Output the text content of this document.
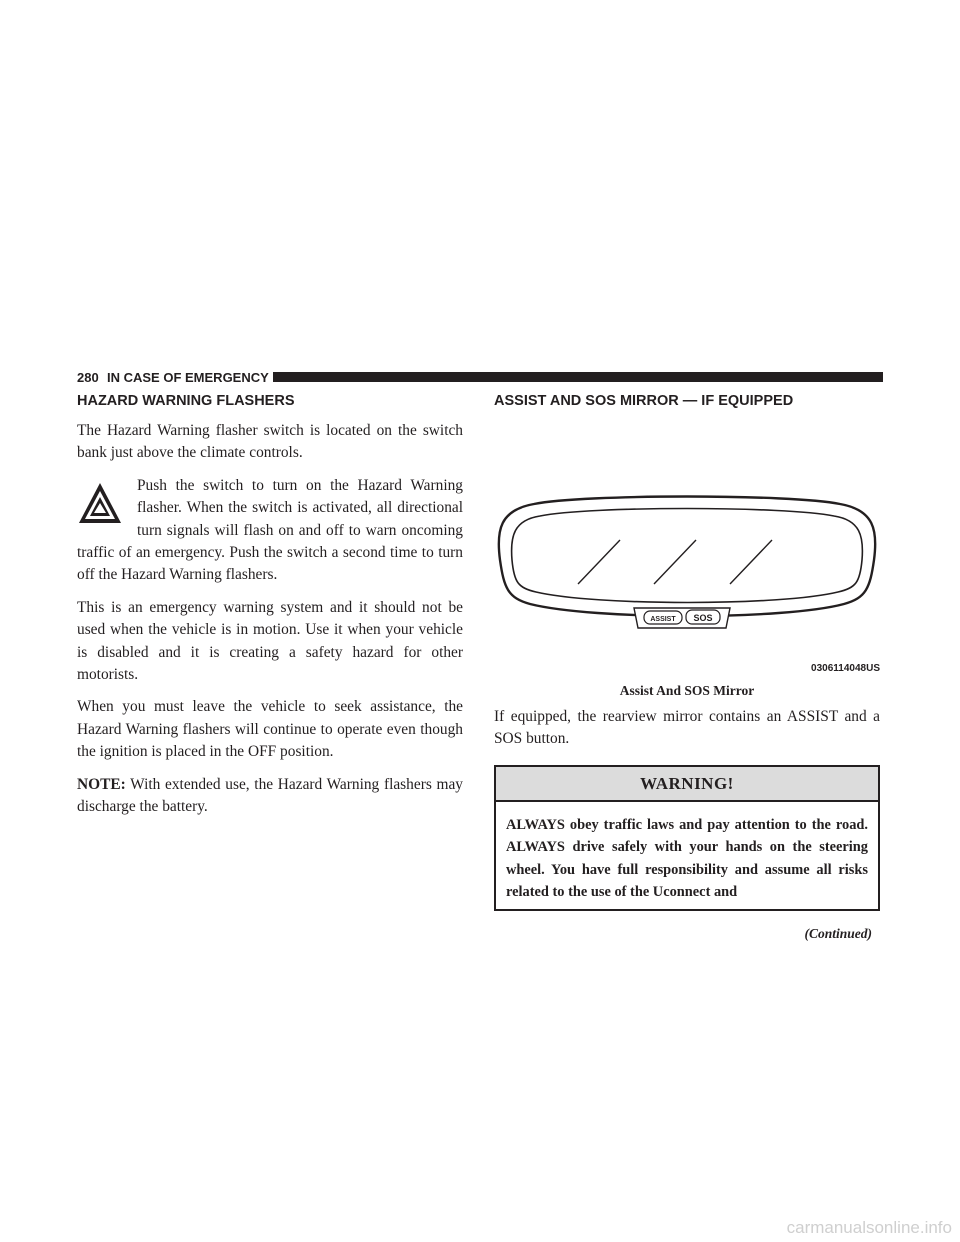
280 IN CASE OF EMERGENCY
HAZARD WARNING FLASHERS

The Hazard Warning flasher switch is located on the switch bank just above the climate controls.

Push the switch to turn on the Hazard Warning flasher. When the switch is activated, all directional turn signals will flash on and off to warn oncoming traffic of an emergency. Push the switch a second time to turn off the Hazard Warning flashers.

This is an emergency warning system and it should not be used when the vehicle is in motion. Use it when your vehicle is disabled and it is creating a safety hazard for other motorists.

When you must leave the vehicle to seek assistance, the Hazard Warning flashers will continue to operate even though the ignition is placed in the OFF position.

NOTE: With extended use, the Hazard Warning flashers may discharge the battery.

ASSIST AND SOS MIRROR — IF EQUIPPED
ASSIST SOS
0306114048US
Assist And SOS Mirror

If equipped, the rearview mirror contains an ASSIST and a SOS button.

WARNING!
ALWAYS obey traffic laws and pay attention to the road. ALWAYS drive safely with your hands on the steering wheel. You have full responsibility and assume all risks related to the use of the Uconnect and
(Continued)
carmanualsonline.info
